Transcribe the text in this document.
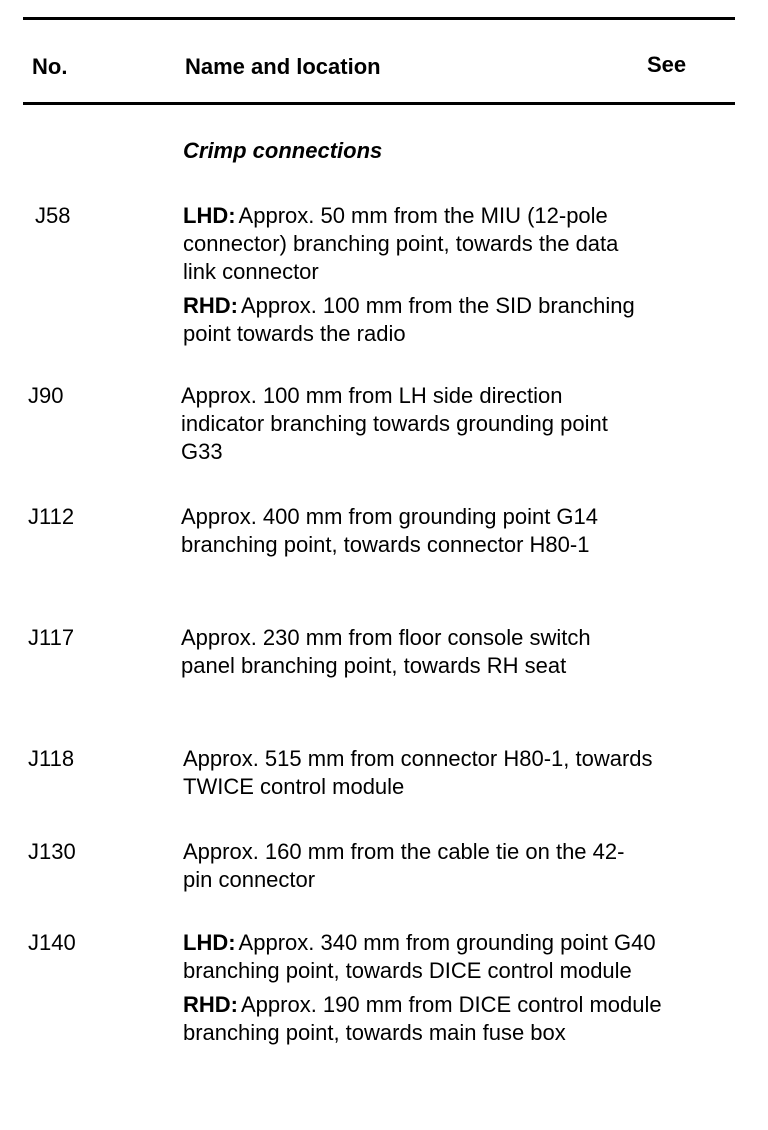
No.	Name and location	See
Crimp connections
J58	LHD: Approx. 50 mm from the MIU (12-pole connector) branching point, towards the data link connector

RHD: Approx. 100 mm from the SID branching point towards the radio

J90	Approx. 100 mm from LH side direction indicator branching towards grounding point G33

J112	Approx. 400 mm from grounding point G14 branching point, towards connector H80-1

J117	Approx. 230 mm from floor console switch panel branching point, towards RH seat

J118	Approx. 515 mm from connector H80-1, towards TWICE control module

J130	Approx. 160 mm from the cable tie on the 42-pin connector

J140	LHD: Approx. 340 mm from grounding point G40 branching point, towards DICE control module

RHD: Approx. 190 mm from DICE control module branching point, towards main fuse box
